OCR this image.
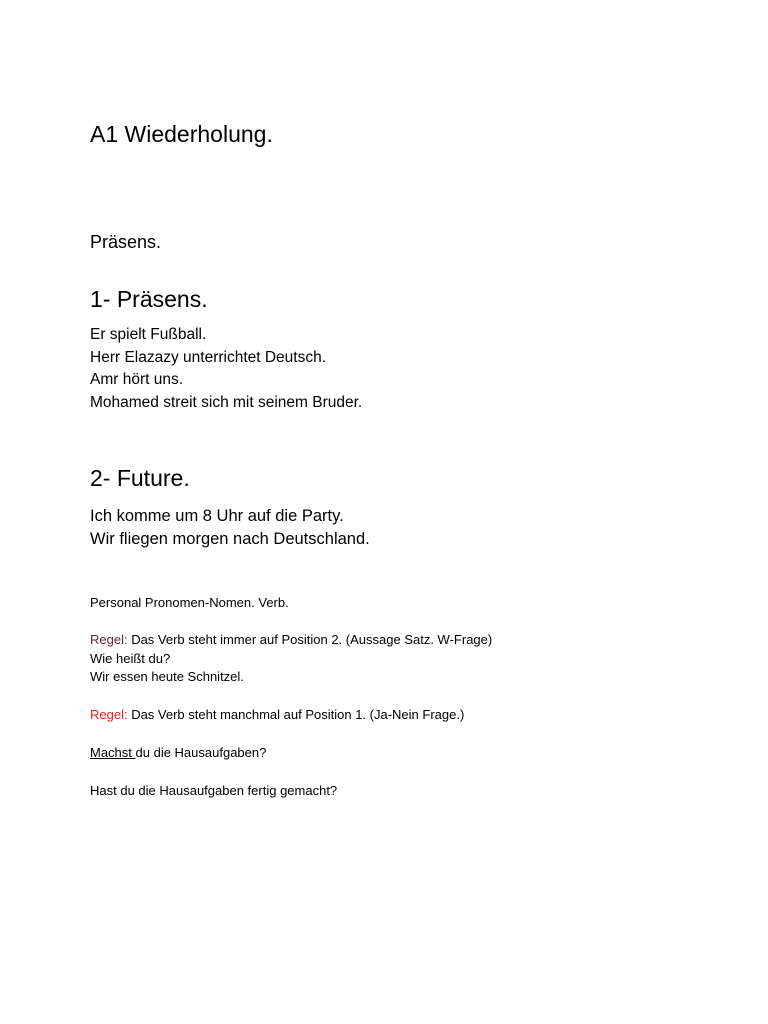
A1 Wiederholung.
Präsens.
1- Präsens.
Er spielt Fußball.
Herr Elazazy unterrichtet Deutsch.
Amr hört uns.
Mohamed streit sich mit seinem Bruder.
2- Future.
Ich komme um 8 Uhr auf die Party.
Wir fliegen morgen nach Deutschland.
Personal Pronomen-Nomen. Verb.
Regel: Das Verb steht immer auf Position 2. (Aussage Satz. W-Frage)
Wie heißt du?
Wir essen heute Schnitzel.
Regel: Das Verb steht manchmal auf Position 1. (Ja-Nein Frage.)
Machst du die Hausaufgaben?
Hast du die Hausaufgaben fertig gemacht?
